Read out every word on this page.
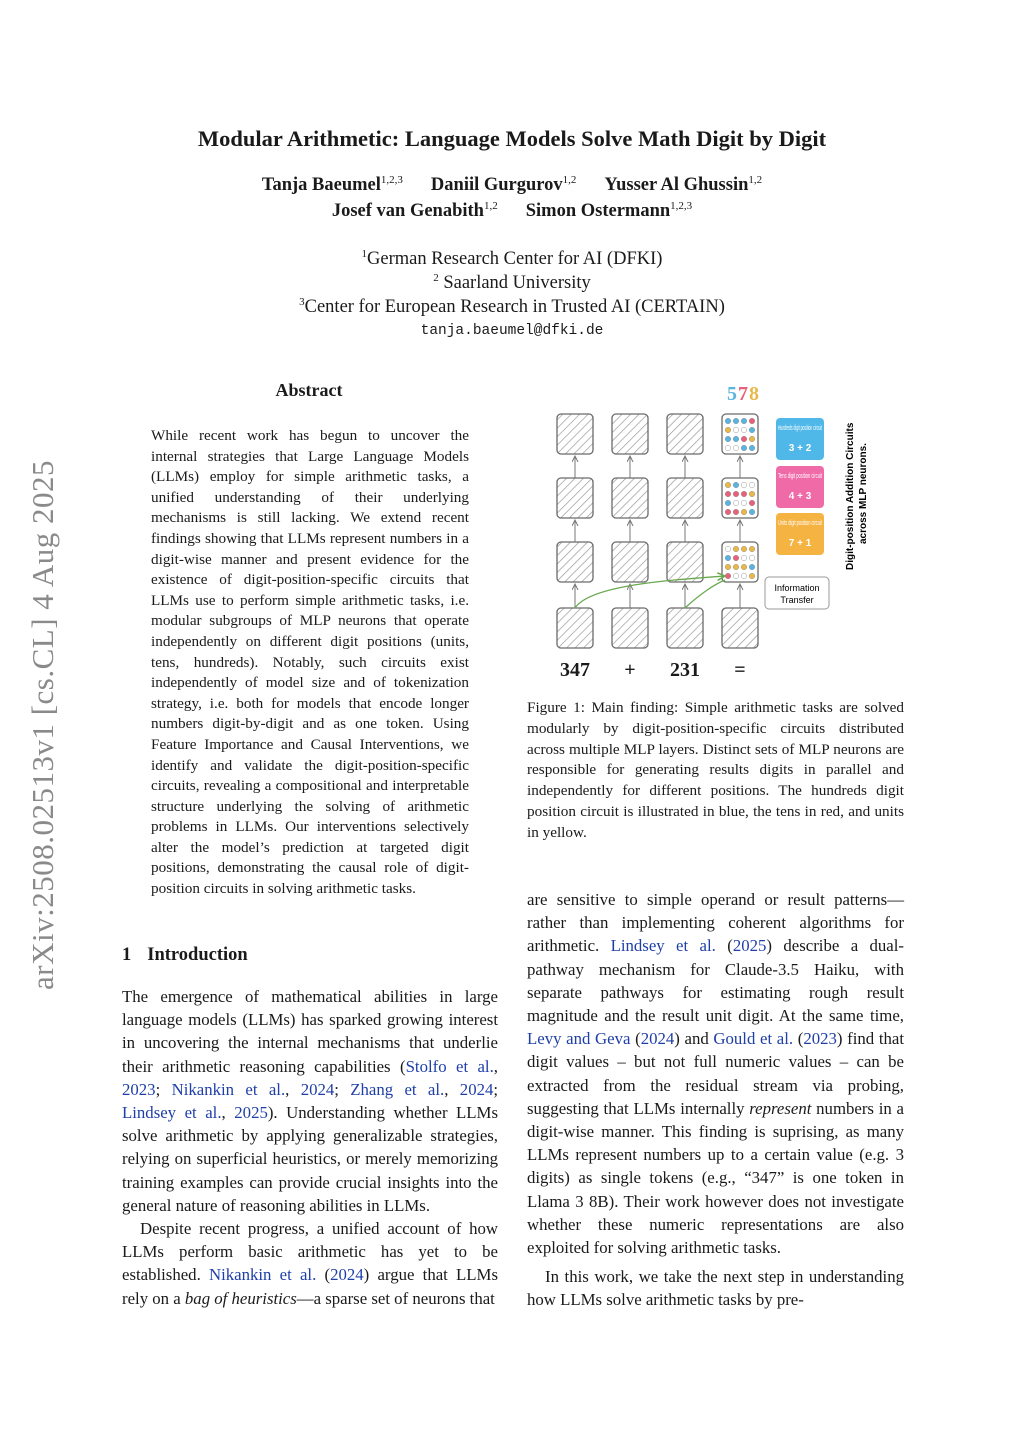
arXiv:2508.02513v1 [cs.CL] 4 Aug 2025
Modular Arithmetic: Language Models Solve Math Digit by Digit
Tanja Baeumel$^{1,2,3}$ Daniil Gurgurov$^{1,2}$ Yusser Al Ghussin$^{1,2}$
Josef van Genabith$^{1,2}$ Simon Ostermann$^{1,2,3}$
$^1$German Research Center for AI (DFKI)
$^2$ Saarland University
$^3$Center for European Research in Trusted AI (CERTAIN)
tanja.baeumel@dfki.de
Abstract
While recent work has begun to uncover the internal strategies that Large Language Models (LLMs) employ for simple arithmetic tasks, a unified understanding of their underlying mechanisms is still lacking. We extend recent findings showing that LLMs represent numbers in a digit-wise manner and present evidence for the existence of digit-position-specific circuits that LLMs use to perform simple arithmetic tasks, i.e. modular subgroups of MLP neurons that operate independently on different digit positions (units, tens, hundreds). Notably, such circuits exist independently of model size and of tokenization strategy, i.e. both for models that encode longer numbers digit-by-digit and as one token. Using Feature Importance and Causal Interventions, we identify and validate the digit-position-specific circuits, revealing a compositional and interpretable structure underlying the solving of arithmetic problems in LLMs. Our interventions selectively alter the model’s prediction at targeted digit positions, demonstrating the causal role of digit-position circuits in solving arithmetic tasks.
1 Introduction

The emergence of mathematical abilities in large language models (LLMs) has sparked growing interest in uncovering the internal mechanisms that underlie their arithmetic reasoning capabilities (Stolfo et al., 2023; Nikankin et al., 2024; Zhang et al., 2024; Lindsey et al., 2025). Understanding whether LLMs solve arithmetic by applying generalizable strategies, relying on superficial heuristics, or merely memorizing training examples can provide crucial insights into the general nature of reasoning abilities in LLMs.

Despite recent progress, a unified account of how LLMs perform basic arithmetic has yet to be established. Nikankin et al. (2024) argue that LLMs rely on a bag of heuristics—a sparse set of neurons that

are sensitive to simple operand or result patterns—rather than implementing coherent algorithms for arithmetic. Lindsey et al. (2025) describe a dual-pathway mechanism for Claude-3.5 Haiku, with separate pathways for estimating rough result magnitude and the result unit digit. At the same time, Levy and Geva (2024) and Gould et al. (2023) find that digit values – but not full numeric values – can be extracted from the residual stream via probing, suggesting that LLMs internally represent numbers in a digit-wise manner. This finding is suprising, as many LLMs represent numbers up to a certain value (e.g. 3 digits) as single tokens (e.g., “347” is one token in Llama 3 8B). Their work however does not investigate whether these numeric representations are also exploited for solving arithmetic tasks.

In this work, we take the next step in understanding how LLMs solve arithmetic tasks by pre-

5 7 8
Hundreds digit position circuit
3 + 2
Tens digit position circuit
4 + 3
Units digit position circuit
7 + 1
Information
Transfer
347 + 231 =
Digit-position Addition Circuits across MLP neurons.
Figure 1: Main finding: Simple arithmetic tasks are solved modularly by digit-position-specific circuits distributed across multiple MLP layers. Distinct sets of MLP neurons are responsible for generating results digits in parallel and independently for different positions. The hundreds digit position circuit is illustrated in blue, the tens in red, and units in yellow.
